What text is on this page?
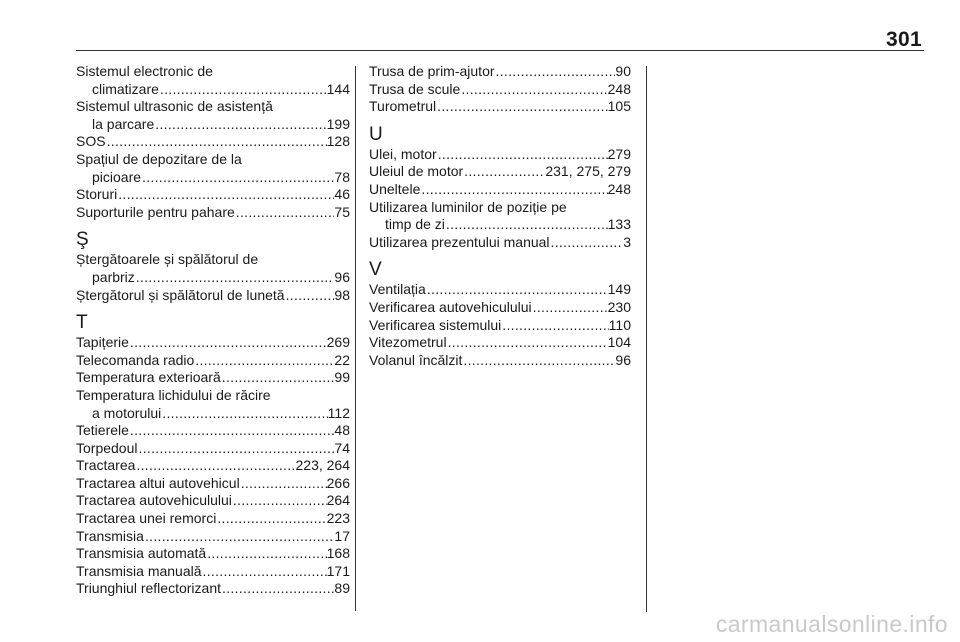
301
Sistemul electronic de
climatizare .....	144
Sistemul ultrasonic de asistență
la parcare .....	199
SOS .....	128
Spațiul de depozitare de la
picioare .....	78
Storuri .....	46
Suporturile pentru pahare .....	75
Ş
Ștergătoarele și spălătorul de
parbriz .....	96
Ștergătorul și spălătorul de lunetă .....	98
T
Tapițerie .....	269
Telecomanda radio .....	22
Temperatura exterioară .....	99
Temperatura lichidului de răcire
a motorului .....	112
Tetierele .....	48
Torpedoul .....	74
Tractarea .....	223, 264
Tractarea altui autovehicul .....	266
Tractarea autovehiculului .....	264
Tractarea unei remorci .....	223
Transmisia .....	17
Transmisia automată .....	168
Transmisia manuală .....	171
Triunghiul reflectorizant .....	89
Trusa de prim-ajutor .....	90
Trusa de scule .....	248
Turometrul .....	105
U
Ulei, motor .....	279
Uleiul de motor .....	231, 275, 279
Uneltele .....	248
Utilizarea luminilor de poziție pe
timp de zi .....	133
Utilizarea prezentului manual .....	3
V
Ventilația .....	149
Verificarea autovehiculului .....	230
Verificarea sistemului .....	110
Vitezometrul .....	104
Volanul încălzit .....	96
carmanualsonline.info
